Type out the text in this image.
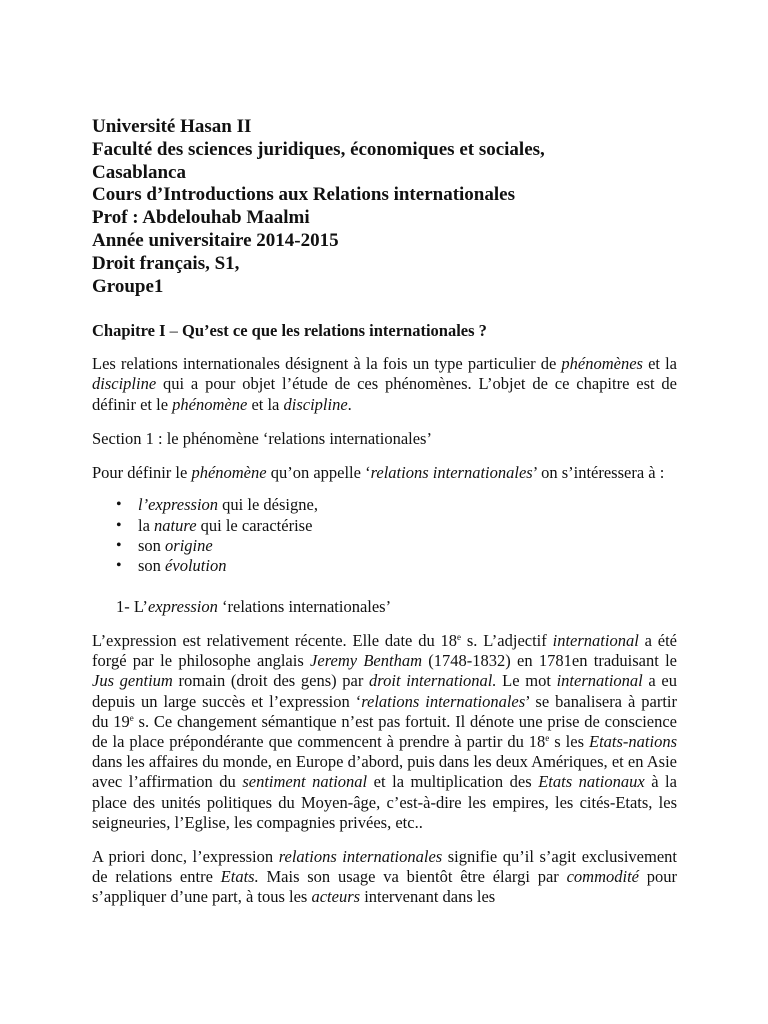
Université Hasan II
Faculté des sciences juridiques, économiques et sociales,
Casablanca
Cours d’Introductions aux Relations internationales
Prof : Abdelouhab Maalmi
Année universitaire 2014-2015
Droit français, S1,
Groupe1
Chapitre I – Qu’est ce que les relations internationales ?

Les relations internationales désignent à la fois un type particulier de phénomènes et la discipline qui a pour objet l’étude de ces phénomènes. L’objet de ce chapitre est de définir et le phénomène et la discipline.

Section 1 : le phénomène ‘relations internationales’

Pour définir le phénomène qu’on appelle ‘relations internationales’ on s’intéressera à :

• l’expression qui le désigne,
• la nature qui le caractérise
• son origine
• son évolution
1- L’expression ‘relations internationales’

L’expression est relativement récente. Elle date du 18e s. L’adjectif international a été forgé par le philosophe anglais Jeremy Bentham (1748-1832) en 1781en traduisant le Jus gentium romain (droit des gens) par droit international. Le mot international a eu depuis un large succès et l’expression ‘relations internationales’ se banalisera à partir du 19e s. Ce changement sémantique n’est pas fortuit. Il dénote une prise de conscience de la place prépondérante que commencent à prendre à partir du 18e s les Etats-nations dans les affaires du monde, en Europe d’abord, puis dans les deux Amériques, et en Asie avec l’affirmation du sentiment national et la multiplication des Etats nationaux à la place des unités politiques du Moyen-âge, c’est-à-dire les empires, les cités-Etats, les seigneuries, l’Eglise, les compagnies privées, etc..

A priori donc, l’expression relations internationales signifie qu’il s’agit exclusivement de relations entre Etats. Mais son usage va bientôt être élargi par commodité pour s’appliquer d’une part, à tous les acteurs intervenant dans les
